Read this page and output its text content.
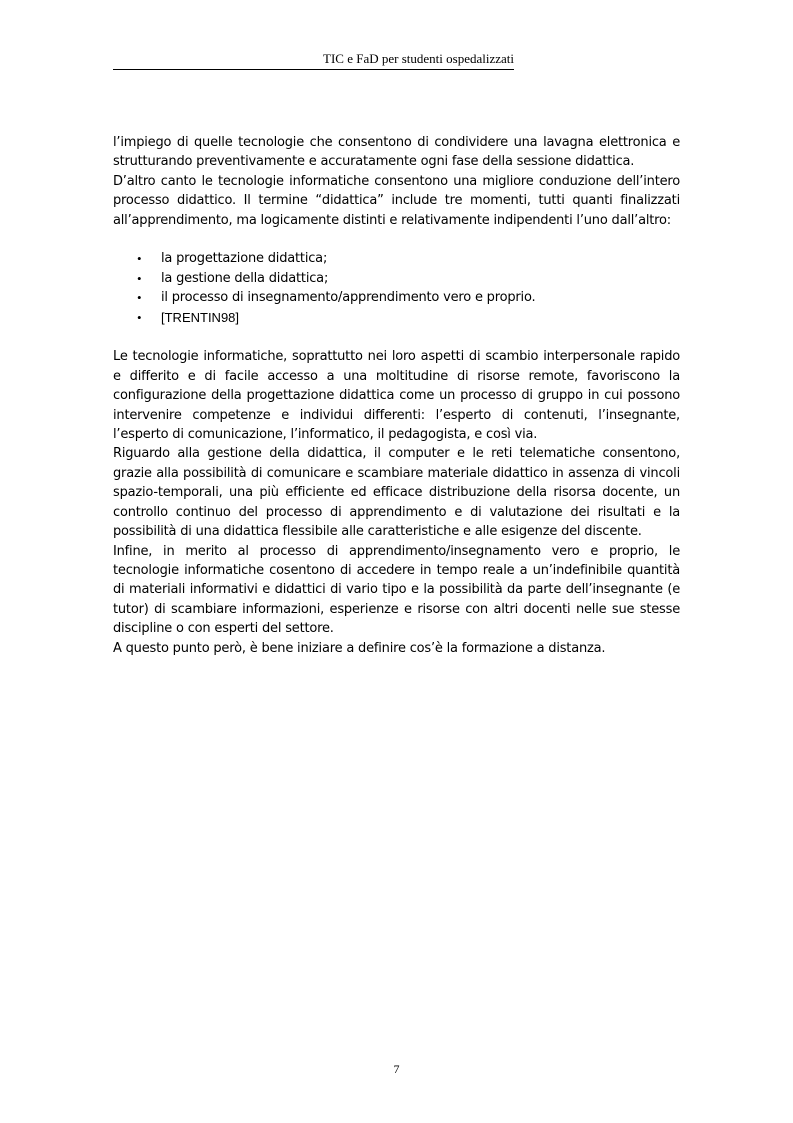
TIC e FaD per studenti ospedalizzati

l’impiego di quelle tecnologie che consentono di condividere una lavagna elettronica e strutturando preventivamente e accuratamente ogni fase della sessione didattica.

D’altro canto le tecnologie informatiche consentono una migliore conduzione dell’intero processo didattico. Il termine “didattica” include tre momenti, tutti quanti finalizzati all’apprendimento, ma logicamente distinti e relativamente indipendenti l’uno dall’altro:

• la progettazione didattica;
• la gestione della didattica;
• il processo di insegnamento/apprendimento vero e proprio.
• [TRENTIN98]

Le tecnologie informatiche, soprattutto nei loro aspetti di scambio interpersonale rapido e differito e di facile accesso a una moltitudine di risorse remote, favoriscono la configurazione della progettazione didattica come un processo di gruppo in cui possono intervenire competenze e individui differenti: l’esperto di contenuti, l’insegnante, l’esperto di comunicazione, l’informatico, il pedagogista, e così via.

Riguardo alla gestione della didattica, il computer e le reti telematiche consentono, grazie alla possibilità di comunicare e scambiare materiale didattico in assenza di vincoli spazio-temporali, una più efficiente ed efficace distribuzione della risorsa docente, un controllo continuo del processo di apprendimento e di valutazione dei risultati e la possibilità di una didattica flessibile alle caratteristiche e alle esigenze del discente.

Infine, in merito al processo di apprendimento/insegnamento vero e proprio, le tecnologie informatiche cosentono di accedere in tempo reale a un’indefinibile quantità di materiali informativi e didattici di vario tipo e la possibilità da parte dell’insegnante (e tutor) di scambiare informazioni, esperienze e risorse con altri docenti nelle sue stesse discipline o con esperti del settore.

A questo punto però, è bene iniziare a definire cos’è la formazione a distanza.

7
